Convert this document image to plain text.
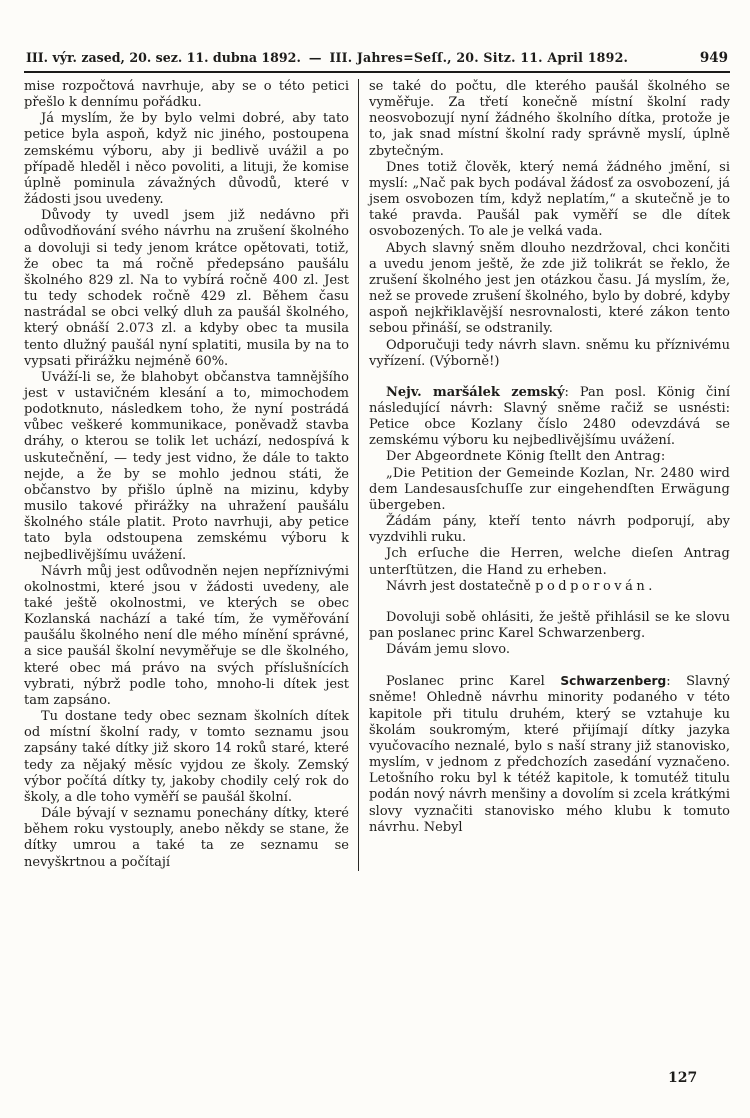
III. výr. zased, 20. sez. 11. dubna 1892. — III. Jahres=Seſſ., 20. Sitz. 11. April 1892.	949

mise rozpočtová navrhuje, aby se o této petici přešlo k dennímu pořádku.

Já myslím, že by bylo velmi dobré, aby tato petice byla aspoň, když nic jiného, postoupena zemskému výboru, aby ji bedlivě uvážil a po případě hleděl i něco povoliti, a lituji, že komise úplně pominula závažných důvodů, které v žádosti jsou uvedeny.

Důvody ty uvedl jsem již nedávno při odůvodňování svého návrhu na zrušení školného a dovoluji si tedy jenom krátce opětovati, totiž, že obec ta má ročně předepsáno paušálu školného 829 zl. Na to vybírá ročně 400 zl. Jest tu tedy schodek ročně 429 zl. Během času nastrádal se obci velký dluh za paušál školného, který obnáší 2.073 zl. a kdyby obec ta musila tento dlužný paušál nyní splatiti, musila by na to vypsati přirážku nejméně 60%.

Uváží-li se, že blahobyt občanstva tamnějšího jest v ustavičném klesání a to, mimochodem podotknuto, následkem toho, že nyní postrádá vůbec veškeré kommunikace, poněvadž stavba dráhy, o kterou se tolik let uchází, nedospívá k uskutečnění, — tedy jest vidno, že dále to takto nejde, a že by se mohlo jednou státi, že občanstvo by přišlo úplně na mizinu, kdyby musilo takové přirážky na uhražení paušálu školného stále platit. Proto navrhuji, aby petice tato byla odstoupena zemskému výboru k nejbedlivějšímu uvážení.

Návrh můj jest odůvodněn nejen nepříznivými okolnostmi, které jsou v žádosti uvedeny, ale také ještě okolnostmi, ve kterých se obec Kozlanská nachází a také tím, že vyměřování paušálu školného není dle mého mínění správné, a sice paušál školní nevyměřuje se dle školného, které obec má právo na svých příslušnících vybrati, nýbrž podle toho, mnoho-li dítek jest tam zapsáno.

Tu dostane tedy obec seznam školních dítek od místní školní rady, v tomto seznamu jsou zapsány také dítky již skoro 14 roků staré, které tedy za nějaký měsíc vyjdou ze školy. Zemský výbor počítá dítky ty, jakoby chodily celý rok do školy, a dle toho vyměří se paušál školní.

Dále bývají v seznamu ponechány dítky, které během roku vystouply, anebo někdy se stane, že dítky umrou a také ta ze seznamu se nevyškrtnou a počítají

se také do počtu, dle kterého paušál školného se vyměřuje. Za třetí konečně místní školní rady neosvobozují nyní žádného školního dítka, protože je to, jak snad místní školní rady správně myslí, úplně zbytečným.

Dnes totiž člověk, který nemá žádného jmění, si myslí: „Nač pak bych podával žádosť za osvobození, já jsem osvobozen tím, když neplatím,“ a skutečně je to také pravda. Paušál pak vyměří se dle dítek osvobozených. To ale je velká vada.

Abych slavný sněm dlouho nezdržoval, chci končiti a uvedu jenom ještě, že zde již tolikrát se řeklo, že zrušení školného jest jen otázkou času. Já myslím, že, než se provede zrušení školného, bylo by dobré, kdyby aspoň nejkřiklavější nesrovnalosti, které zákon tento sebou přináší, se odstranily.

Odporučuji tedy návrh slavn. sněmu ku příznivému vyřízení. (Výborně!)

Nejv. maršálek zemský: Pan posl. König činí následující návrh: Slavný sněme račiž se usnésti: Petice obce Kozlany číslo 2480 odevzdává se zemskému výboru ku nejbedlivějšímu uvážení.

Der Abgeordnete König ſtellt den Antrag:

„Die Petition der Gemeinde Kozlan, Nr. 2480 wird dem Landesausſchuſſe zur eingehendſten Erwägung übergeben.

Žádám pány, kteří tento návrh podporují, aby vyzdvihli ruku.

Jch erſuche die Herren, welche dieſen Antrag unterſtützen, die Hand zu erheben.

Návrh jest dostatečně podporován.

Dovoluji sobě ohlásiti, že ještě přihlásil se ke slovu pan poslanec princ Karel Schwarzenberg.

Dávám jemu slovo.

Poslanec princ Karel Schwarzenberg: Slavný sněme! Ohledně návrhu minority podaného v této kapitole při titulu druhém, který se vztahuje ku školám soukromým, které přijímají dítky jazyka vyučovacího neznalé, bylo s naší strany již stanovisko, myslím, v jednom z předchozích zasedání vyznačeno. Letošního roku byl k tétéž kapitole, k tomutéž titulu podán nový návrh menšiny a dovolím si zcela krátkými slovy vyznačiti stanovisko mého klubu k tomuto návrhu. Nebyl

127
